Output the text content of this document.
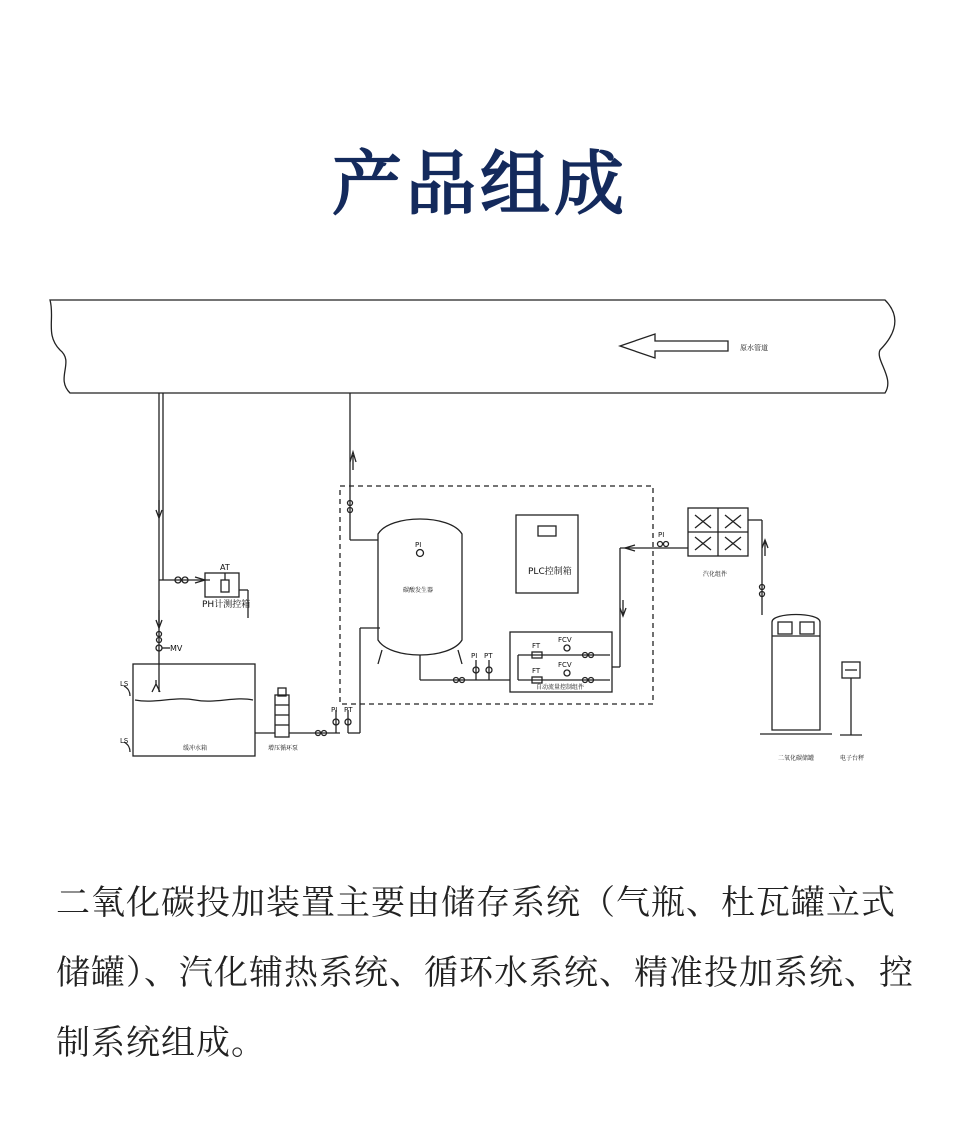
产品组成
原水管道
AT
PH计测控箱
MV
LS
LS
缓冲水箱	增压循环泵
PI PT
PI
碳酸发生器
PLC控制箱
PI PT
FT
FCV
FT
FCV
自动流量控制组件
PI
汽化组件
二氧化碳储罐	电子台秤

二氧化碳投加装置主要由储存系统（气瓶、杜瓦罐立式储罐）、汽化辅热系统、循环水系统、精准投加系统、控制系统组成。
